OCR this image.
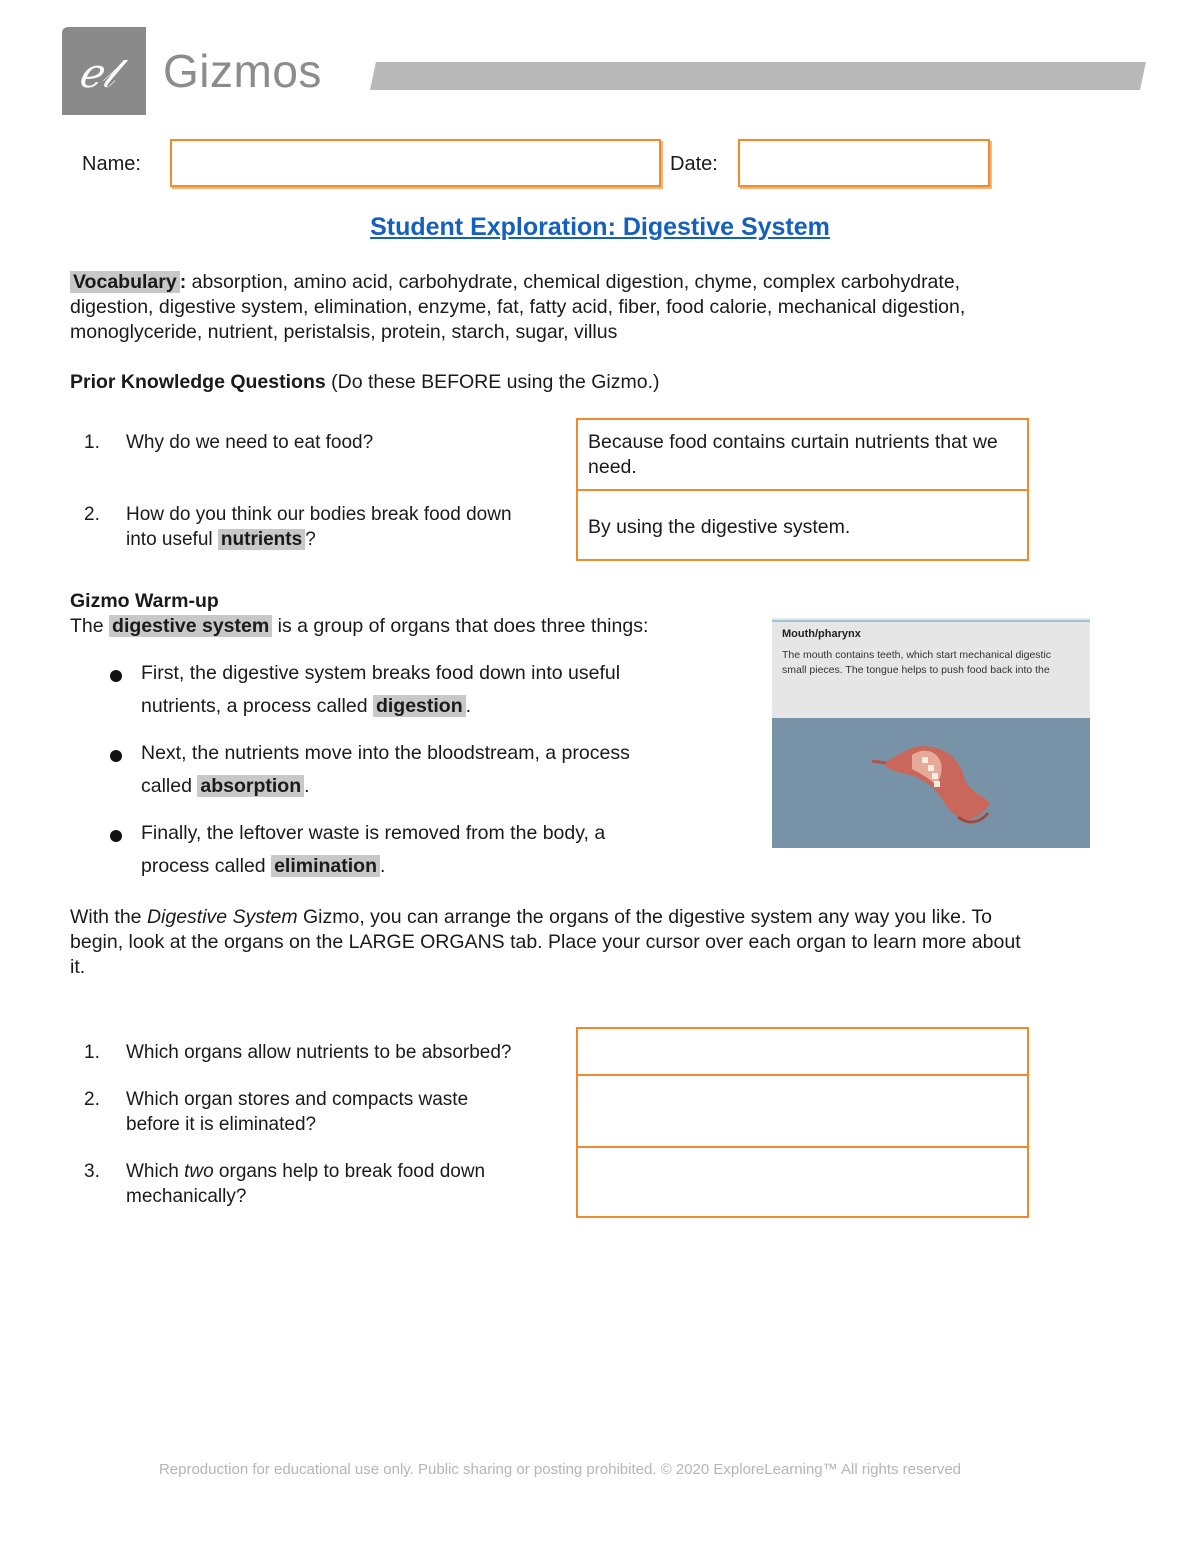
ℯ𝓁 Gizmos
Name:	Date:
Student Exploration: Digestive System
Vocabulary : absorption, amino acid, carbohydrate, chemical digestion, chyme, complex carbohydrate,
digestion, digestive system, elimination, enzyme, fat, fatty acid, fiber, food calorie, mechanical digestion,
monoglyceride, nutrient, peristalsis, protein, starch, sugar, villus
Prior Knowledge Questions (Do these BEFORE using the Gizmo.)
1. Why do we need to eat food?
2. How do you think our bodies break food down
into useful nutrients ?
Because food contains curtain nutrients that we need.
By using the digestive system.
Gizmo Warm-up
The digestive system is a group of organs that does three things:
First, the digestive system breaks food down into useful
nutrients, a process called digestion .
Next, the nutrients move into the bloodstream, a process
called absorption .
Finally, the leftover waste is removed from the body, a
process called elimination .
Mouth/pharynx
The mouth contains teeth, which start mechanical digestic
small pieces. The tongue helps to push food back into the
With the Digestive System Gizmo, you can arrange the organs of the digestive system any way you like. To
begin, look at the organs on the LARGE ORGANS tab. Place your cursor over each organ to learn more about
it.
1. Which organs allow nutrients to be absorbed?
2. Which organ stores and compacts waste
before it is eliminated?
3. Which two organs help to break food down
mechanically?
Reproduction for educational use only. Public sharing or posting prohibited. © 2020 ExploreLearning™ All rights reserved
